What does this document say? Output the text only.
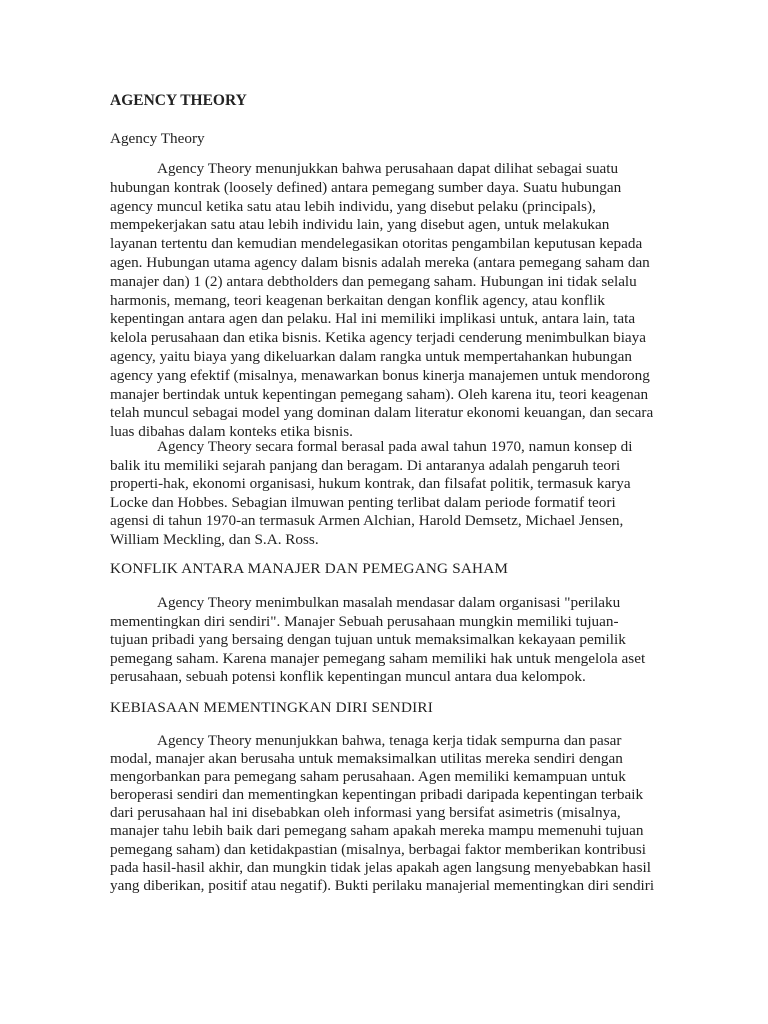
AGENCY THEORY
Agency Theory
Agency Theory menunjukkan bahwa perusahaan dapat dilihat sebagai suatu
hubungan kontrak (loosely defined) antara pemegang sumber daya. Suatu hubungan
agency muncul ketika satu atau lebih individu, yang disebut pelaku (principals),
mempekerjakan satu atau lebih individu lain, yang disebut agen, untuk melakukan
layanan tertentu dan kemudian mendelegasikan otoritas pengambilan keputusan kepada
agen. Hubungan utama agency dalam bisnis adalah mereka (antara pemegang saham dan
manajer dan) 1 (2) antara debtholders dan pemegang saham. Hubungan ini tidak selalu
harmonis, memang, teori keagenan berkaitan dengan konflik agency, atau konflik
kepentingan antara agen dan pelaku. Hal ini memiliki implikasi untuk, antara lain, tata
kelola perusahaan dan etika bisnis. Ketika agency terjadi cenderung menimbulkan biaya
agency, yaitu biaya yang dikeluarkan dalam rangka untuk mempertahankan hubungan
agency yang efektif (misalnya, menawarkan bonus kinerja manajemen untuk mendorong
manajer bertindak untuk kepentingan pemegang saham). Oleh karena itu, teori keagenan
telah muncul sebagai model yang dominan dalam literatur ekonomi keuangan, dan secara
luas dibahas dalam konteks etika bisnis.
Agency Theory secara formal berasal pada awal tahun 1970, namun konsep di
balik itu memiliki sejarah panjang dan beragam. Di antaranya adalah pengaruh teori
properti-hak, ekonomi organisasi, hukum kontrak, dan filsafat politik, termasuk karya
Locke dan Hobbes. Sebagian ilmuwan penting terlibat dalam periode formatif teori
agensi di tahun 1970-an termasuk Armen Alchian, Harold Demsetz, Michael Jensen,
William Meckling, dan S.A. Ross.
KONFLIK ANTARA MANAJER DAN PEMEGANG SAHAM
Agency Theory menimbulkan masalah mendasar dalam organisasi "perilaku
mementingkan diri sendiri". Manajer Sebuah perusahaan mungkin memiliki tujuan-
tujuan pribadi yang bersaing dengan tujuan untuk memaksimalkan kekayaan pemilik
pemegang saham. Karena manajer pemegang saham memiliki hak untuk mengelola aset
perusahaan, sebuah potensi konflik kepentingan muncul antara dua kelompok.
KEBIASAAN MEMENTINGKAN DIRI SENDIRI
Agency Theory menunjukkan bahwa, tenaga kerja tidak sempurna dan pasar
modal, manajer akan berusaha untuk memaksimalkan utilitas mereka sendiri dengan
mengorbankan para pemegang saham perusahaan. Agen memiliki kemampuan untuk
beroperasi sendiri dan mementingkan kepentingan pribadi daripada kepentingan terbaik
dari perusahaan hal ini disebabkan oleh informasi yang bersifat asimetris (misalnya,
manajer tahu lebih baik dari pemegang saham apakah mereka mampu memenuhi tujuan
pemegang saham) dan ketidakpastian (misalnya, berbagai faktor memberikan kontribusi
pada hasil-hasil akhir, dan mungkin tidak jelas apakah agen langsung menyebabkan hasil
yang diberikan, positif atau negatif). Bukti perilaku manajerial mementingkan diri sendiri
